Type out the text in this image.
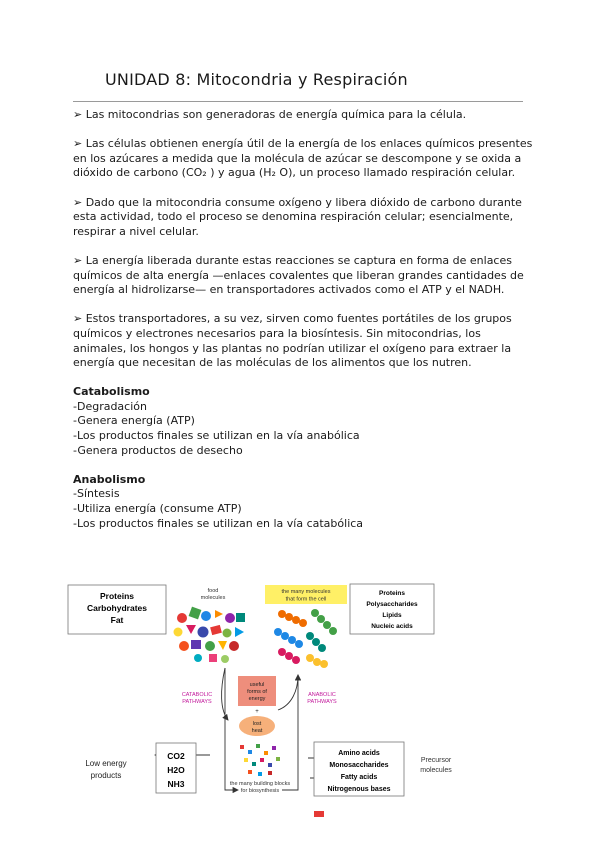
UNIDAD 8: Mitocondria y Respiración

➢ Las mitocondrias son generadoras de energía química para la célula.

➢ Las células obtienen energía útil de la energía de los enlaces químicos presentes en los azúcares a medida que la molécula de azúcar se descompone y se oxida a dióxido de carbono (CO₂ ) y agua (H₂ O), un proceso llamado respiración celular.

➢ Dado que la mitocondria consume oxígeno y libera dióxido de carbono durante esta actividad, todo el proceso se denomina respiración celular; esencialmente, respirar a nivel celular.

➢ La energía liberada durante estas reacciones se captura en forma de enlaces químicos de alta energía —enlaces covalentes que liberan grandes cantidades de energía al hidrolizarse— en transportadores activados como el ATP y el NADH.

➢ Estos transportadores, a su vez, sirven como fuentes portátiles de los grupos químicos y electrones necesarios para la biosíntesis. Sin mitocondrias, los animales, los hongos y las plantas no podrían utilizar el oxígeno para extraer la energía que necesitan de las moléculas de los alimentos que los nutren.

Catabolismo

-Degradación

-Genera energía (ATP)

-Los productos finales se utilizan en la vía anabólica

-Genera productos de desecho

Anabolismo

-Síntesis

-Utiliza energía (consume ATP)

-Los productos finales se utilizan en la vía catabólica

Proteins
Carbohydrates
Fat
food
molecules
the many molecules
that form the cell
Proteins
Polysaccharides
Lipids
Nucleic acids
CATABOLIC
PATHWAYS
ANABOLIC
PATHWAYS
useful
forms of
energy
+
lost
heat
the many building blocks
for biosynthesis
Low energy
products
CO2
H2O
NH3
Amino acids
Monosaccharides
Fatty acids
Nitrogenous bases
Precursor
molecules
